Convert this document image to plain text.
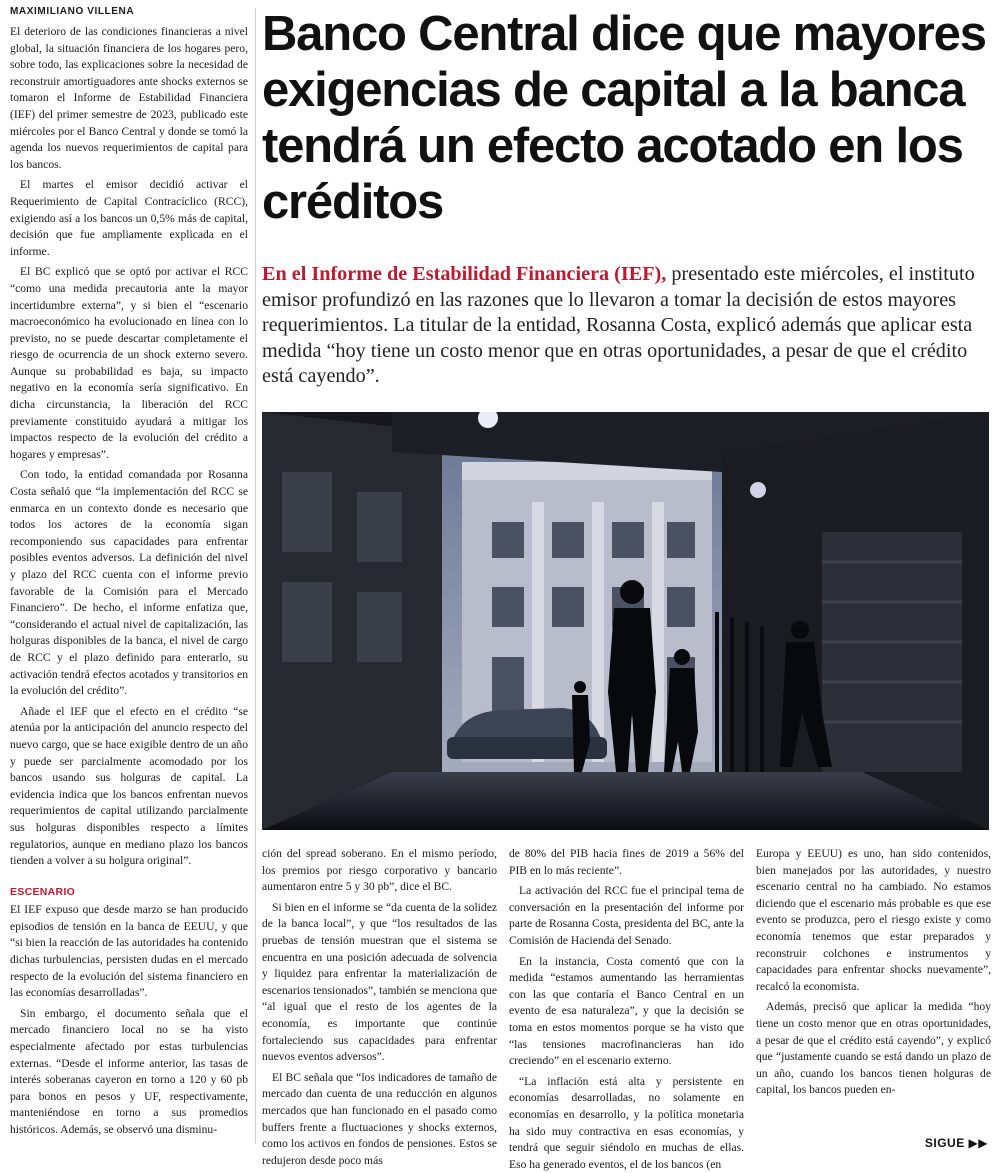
MAXIMILIANO VILLENA

El deterioro de las condiciones financieras a nivel global, la situación financiera de los hogares pero, sobre todo, las explicaciones sobre la necesidad de reconstruir amortiguadores ante shocks externos se tomaron el Informe de Estabilidad Financiera (IEF) del primer semestre de 2023, publicado este miércoles por el Banco Central y donde se tomó la agenda los nuevos requerimientos de capital para los bancos.

El martes el emisor decidió activar el Requerimiento de Capital Contracíclico (RCC), exigiendo así a los bancos un 0,5% más de capital, decisión que fue ampliamente explicada en el informe.

El BC explicó que se optó por activar el RCC “como una medida precautoria ante la mayor incertidumbre externa”, y si bien el “escenario macroeconómico ha evolucionado en línea con lo previsto, no se puede descartar completamente el riesgo de ocurrencia de un shock externo severo. Aunque su probabilidad es baja, su impacto negativo en la economía sería significativo. En dicha circunstancia, la liberación del RCC previamente constituido ayudará a mitigar los impactos respecto de la evolución del crédito a hogares y empresas”.

Con todo, la entidad comandada por Rosanna Costa señaló que “la implementación del RCC se enmarca en un contexto donde es necesario que todos los actores de la economía sigan recomponiendo sus capacidades para enfrentar posibles eventos adversos. La definición del nivel y plazo del RCC cuenta con el informe previo favorable de la Comisión para el Mercado Financiero”. De hecho, el informe enfatiza que, “considerando el actual nivel de capitalización, las holguras disponibles de la banca, el nivel de cargo de RCC y el plazo definido para enterarlo, su activación tendrá efectos acotados y transitorios en la evolución del crédito”.

Añade el IEF que el efecto en el crédito “se atenúa por la anticipación del anuncio respecto del nuevo cargo, que se hace exigible dentro de un año y puede ser parcialmente acomodado por los bancos usando sus holguras de capital. La evidencia indica que los bancos enfrentan nuevos requerimientos de capital utilizando parcialmente sus holguras disponibles respecto a límites regulatorios, aunque en mediano plazo los bancos tienden a volver a su holgura original”.

ESCENARIO

El IEF expuso que desde marzo se han producido episodios de tensión en la banca de EEUU, y que “si bien la reacción de las autoridades ha contenido dichas turbulencias, persisten dudas en el mercado respecto de la evolución del sistema financiero en las economías desarrolladas”.

Sin embargo, el documento señala que el mercado financiero local no se ha visto especialmente afectado por estas turbulencias externas. “Desde el informe anterior, las tasas de interés soberanas cayeron en torno a 120 y 60 pb para bonos en pesos y UF, respectivamente, manteniéndose en torno a sus promedios históricos. Además, se observó una disminu-

Banco Central dice que mayores exigencias de capital a la banca tendrá un efecto acotado en los créditos

En el Informe de Estabilidad Financiera (IEF), presentado este miércoles, el instituto emisor profundizó en las razones que lo llevaron a tomar la decisión de estos mayores requerimientos. La titular de la entidad, Rosanna Costa, explicó además que aplicar esta medida “hoy tiene un costo menor que en otras oportunidades, a pesar de que el crédito está cayendo”.

ción del spread soberano. En el mismo período, los premios por riesgo corporativo y bancario aumentaron entre 5 y 30 pb”, dice el BC.

Si bien en el informe se “da cuenta de la solidez de la banca local”, y que “los resultados de las pruebas de tensión muestran que el sistema se encuentra en una posición adecuada de solvencia y liquidez para enfrentar la materialización de escenarios tensionados”, también se menciona que “al igual que el resto de los agentes de la economía, es importante que continúe fortaleciendo sus capacidades para enfrentar nuevos eventos adversos”.

El BC señala que “los indicadores de tamaño de mercado dan cuenta de una reducción en algunos mercados que han funcionado en el pasado como buffers frente a fluctuaciones y shocks externos, como los activos en fondos de pensiones. Estos se redujeron desde poco más

de 80% del PIB hacia fines de 2019 a 56% del PIB en lo más reciente”.

La activación del RCC fue el principal tema de conversación en la presentación del informe por parte de Rosanna Costa, presidenta del BC, ante la Comisión de Hacienda del Senado.

En la instancia, Costa comentó que con la medida “estamos aumentando las herramientas con las que contaría el Banco Central en un evento de esa naturaleza”, y que la decisión se toma en estos momentos porque se ha visto que “las tensiones macrofinancieras han ido creciendo” en el escenario externo.

“La inflación está alta y persistente en economías desarrolladas, no solamente en economías en desarrollo, y la política monetaria ha sido muy contractiva en esas economías, y tendrá que seguir siéndolo en muchas de ellas. Eso ha generado eventos, el de los bancos (en

Europa y EEUU) es uno, han sido contenidos, bien manejados por las autoridades, y nuestro escenario central no ha cambiado. No estamos diciendo que el escenario más probable es que ese evento se produzca, pero el riesgo existe y como economía tenemos que estar preparados y reconstruir colchones e instrumentos y capacidades para enfrentar shocks nuevamente”, recalcó la economista.

Además, precisó que aplicar la medida “hoy tiene un costo menor que en otras oportunidades, a pesar de que el crédito está cayendo”, y explicó que “justamente cuando se está dando un plazo de un año, cuando los bancos tienen holguras de capital, los bancos pueden en-

SIGUE ▶▶
